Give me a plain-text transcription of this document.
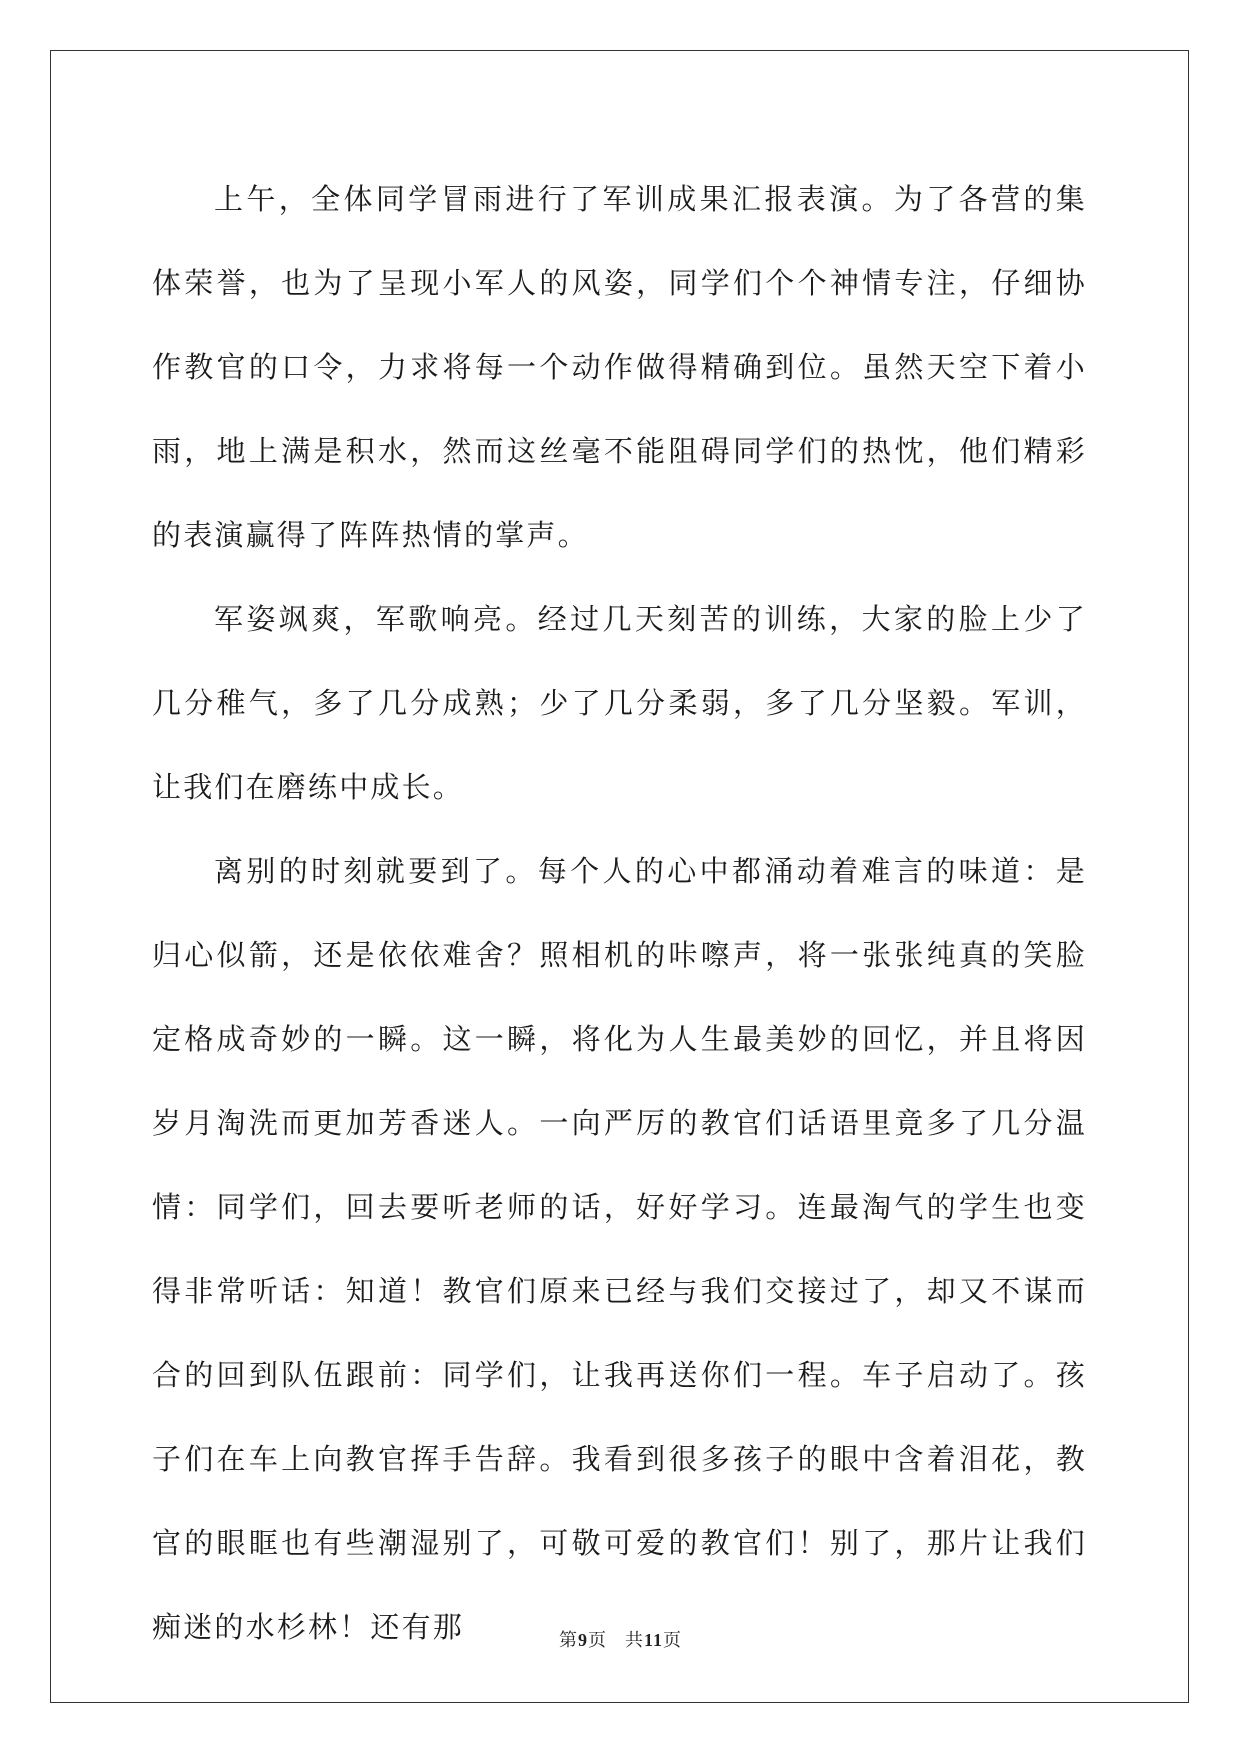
上午，全体同学冒雨进行了军训成果汇报表演。为了各营的集体荣誉，也为了呈现小军人的风姿，同学们个个神情专注，仔细协作教官的口令，力求将每一个动作做得精确到位。虽然天空下着小雨，地上满是积水，然而这丝毫不能阻碍同学们的热忱，他们精彩的表演赢得了阵阵热情的掌声。

军姿飒爽，军歌响亮。经过几天刻苦的训练，大家的脸上少了几分稚气，多了几分成熟；少了几分柔弱，多了几分坚毅。军训，让我们在磨练中成长。

离别的时刻就要到了。每个人的心中都涌动着难言的味道：是归心似箭，还是依依难舍？照相机的咔嚓声，将一张张纯真的笑脸定格成奇妙的一瞬。这一瞬，将化为人生最美妙的回忆，并且将因岁月淘洗而更加芳香迷人。一向严厉的教官们话语里竟多了几分温情：同学们，回去要听老师的话，好好学习。连最淘气的学生也变得非常听话：知道！教官们原来已经与我们交接过了，却又不谋而合的回到队伍跟前：同学们，让我再送你们一程。车子启动了。孩子们在车上向教官挥手告辞。我看到很多孩子的眼中含着泪花，教官的眼眶也有些潮湿别了，可敬可爱的教官们！别了，那片让我们痴迷的水杉林！还有那	第9页 共11页
